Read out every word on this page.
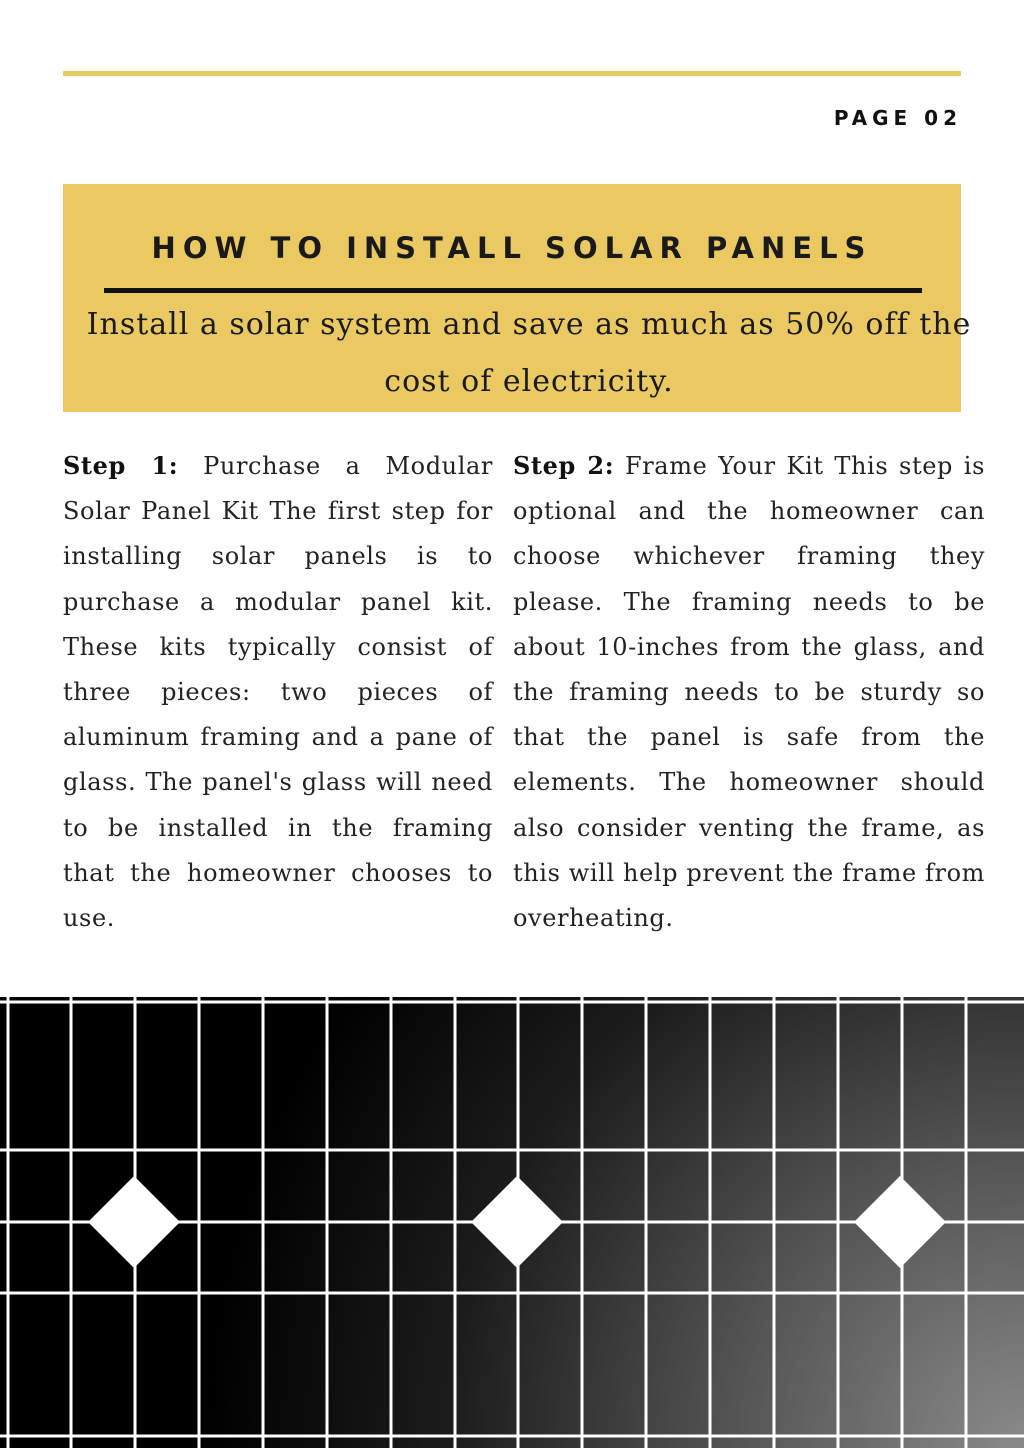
PAGE 02
HOW TO INSTALL SOLAR PANELS
Install a solar system and save as much as 50% off the cost of electricity.
Step 1: Purchase a Modular Solar Panel Kit The first step for installing solar panels is to purchase a modular panel kit. These kits typically consist of three pieces: two pieces of aluminum framing and a pane of glass. The panel's glass will need to be installed in the framing that the homeowner chooses to use.
Step 2: Frame Your Kit This step is optional and the homeowner can choose whichever framing they please. The framing needs to be about 10-inches from the glass, and the framing needs to be sturdy so that the panel is safe from the elements. The homeowner should also consider venting the frame, as this will help prevent the frame from overheating.
